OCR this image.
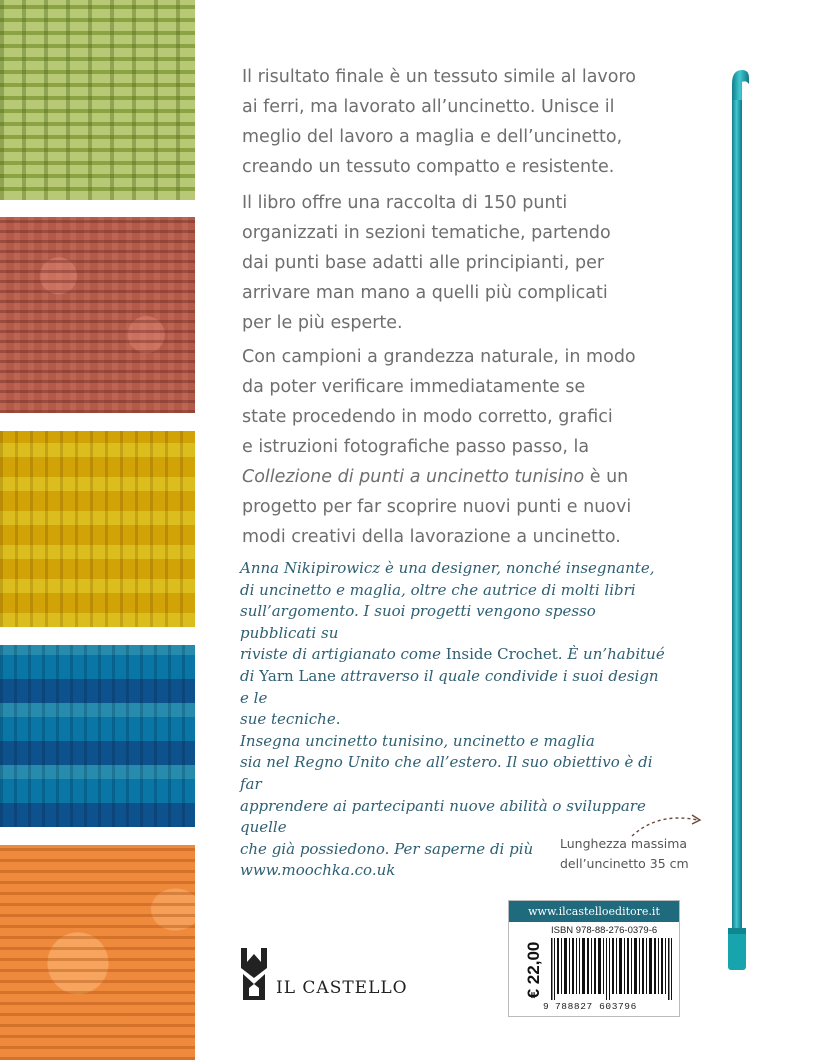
Il risultato finale è un tessuto simile al lavoro
ai ferri, ma lavorato all’uncinetto. Unisce il
meglio del lavoro a maglia e dell’uncinetto,
creando un tessuto compatto e resistente.

Il libro offre una raccolta di 150 punti
organizzati in sezioni tematiche, partendo
dai punti base adatti alle principianti, per
arrivare man mano a quelli più complicati
per le più esperte.

Con campioni a grandezza naturale, in modo
da poter verificare immediatamente se
state procedendo in modo corretto, grafici
e istruzioni fotografiche passo passo, la
Collezione di punti a uncinetto tunisino è un
progetto per far scoprire nuovi punti e nuovi
modi creativi della lavorazione a uncinetto.

Anna Nikipirowicz è una designer, nonché insegnante,
di uncinetto e maglia, oltre che autrice di molti libri
sull’argomento. I suoi progetti vengono spesso pubblicati su
riviste di artigianato come Inside Crochet. È un’habitué
di Yarn Lane attraverso il quale condivide i suoi design e le
sue tecniche.
Insegna uncinetto tunisino, uncinetto e maglia
sia nel Regno Unito che all’estero. Il suo obiettivo è di far
apprendere ai partecipanti nuove abilità o sviluppare quelle
che già possiedono. Per saperne di più www.moochka.co.uk

Lunghezza massima
dell’uncinetto 35 cm
www.ilcastelloeditore.it
€ 22,00
ISBN 978-88-276-0379-6
9 788827 603796
IL CASTELLO
